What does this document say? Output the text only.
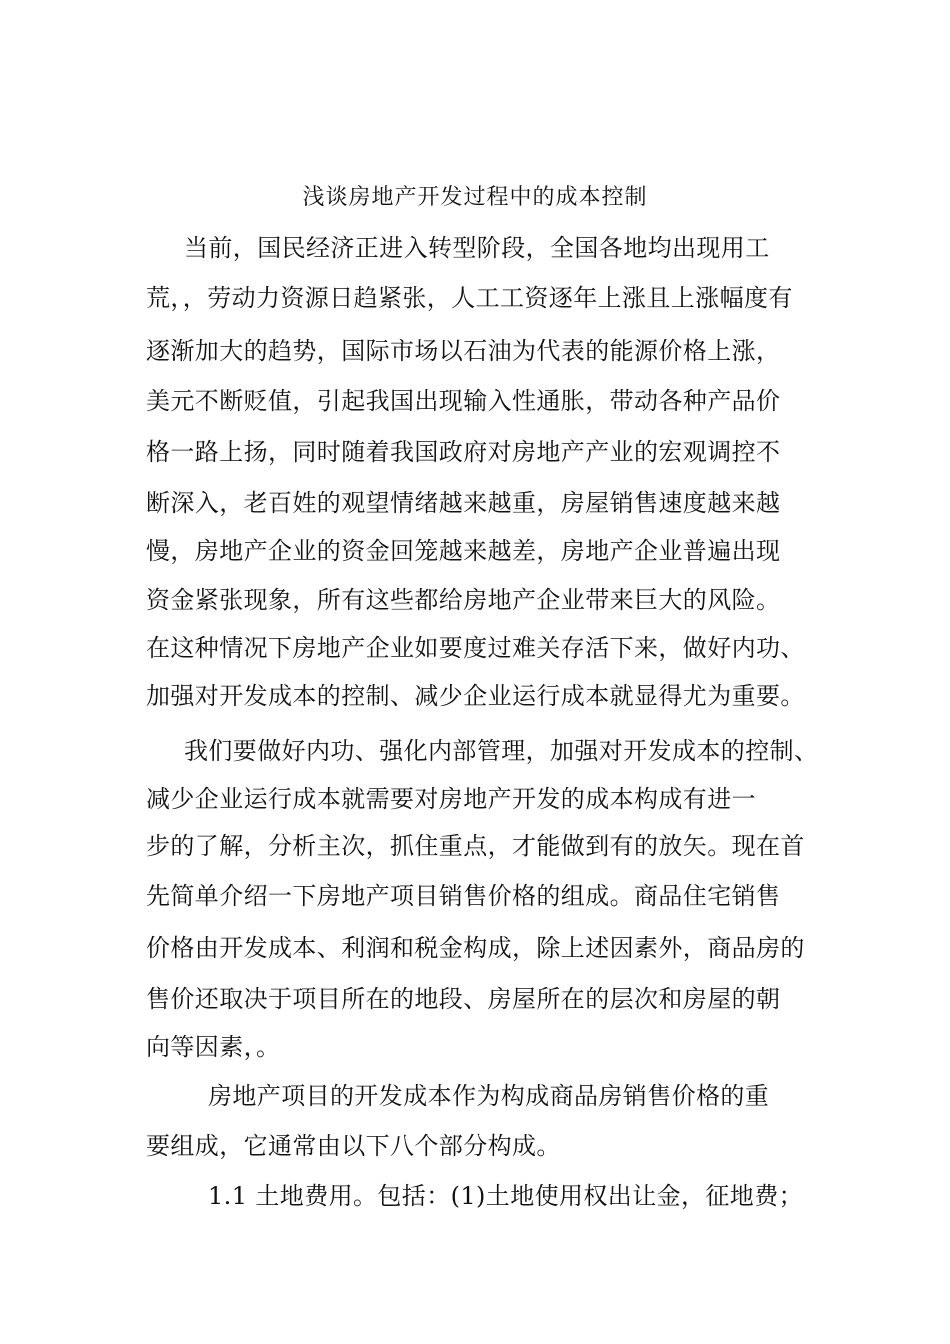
浅谈房地产开发过程中的成本控制
当前，国民经济正进入转型阶段，全国各地均出现用工
荒，，劳动力资源日趋紧张，人工工资逐年上涨且上涨幅度有
逐渐加大的趋势，国际市场以石油为代表的能源价格上涨，
美元不断贬值，引起我国出现输入性通胀，带动各种产品价
格一路上扬，同时随着我国政府对房地产产业的宏观调控不
断深入，老百姓的观望情绪越来越重，房屋销售速度越来越
慢，房地产企业的资金回笼越来越差，房地产企业普遍出现
资金紧张现象，所有这些都给房地产企业带来巨大的风险。
在这种情况下房地产企业如要度过难关存活下来，做好内功、
加强对开发成本的控制、减少企业运行成本就显得尤为重要。
我们要做好内功、强化内部管理，加强对开发成本的控制、
减少企业运行成本就需要对房地产开发的成本构成有进一
步的了解，分析主次，抓住重点，才能做到有的放矢。现在首
先简单介绍一下房地产项目销售价格的组成。商品住宅销售
价格由开发成本、利润和税金构成，除上述因素外，商品房的
售价还取决于项目所在的地段、房屋所在的层次和房屋的朝
向等因素，。
房地产项目的开发成本作为构成商品房销售价格的重
要组成，它通常由以下八个部分构成。
1.1 土地费用。包括：(1)土地使用权出让金，征地费；
